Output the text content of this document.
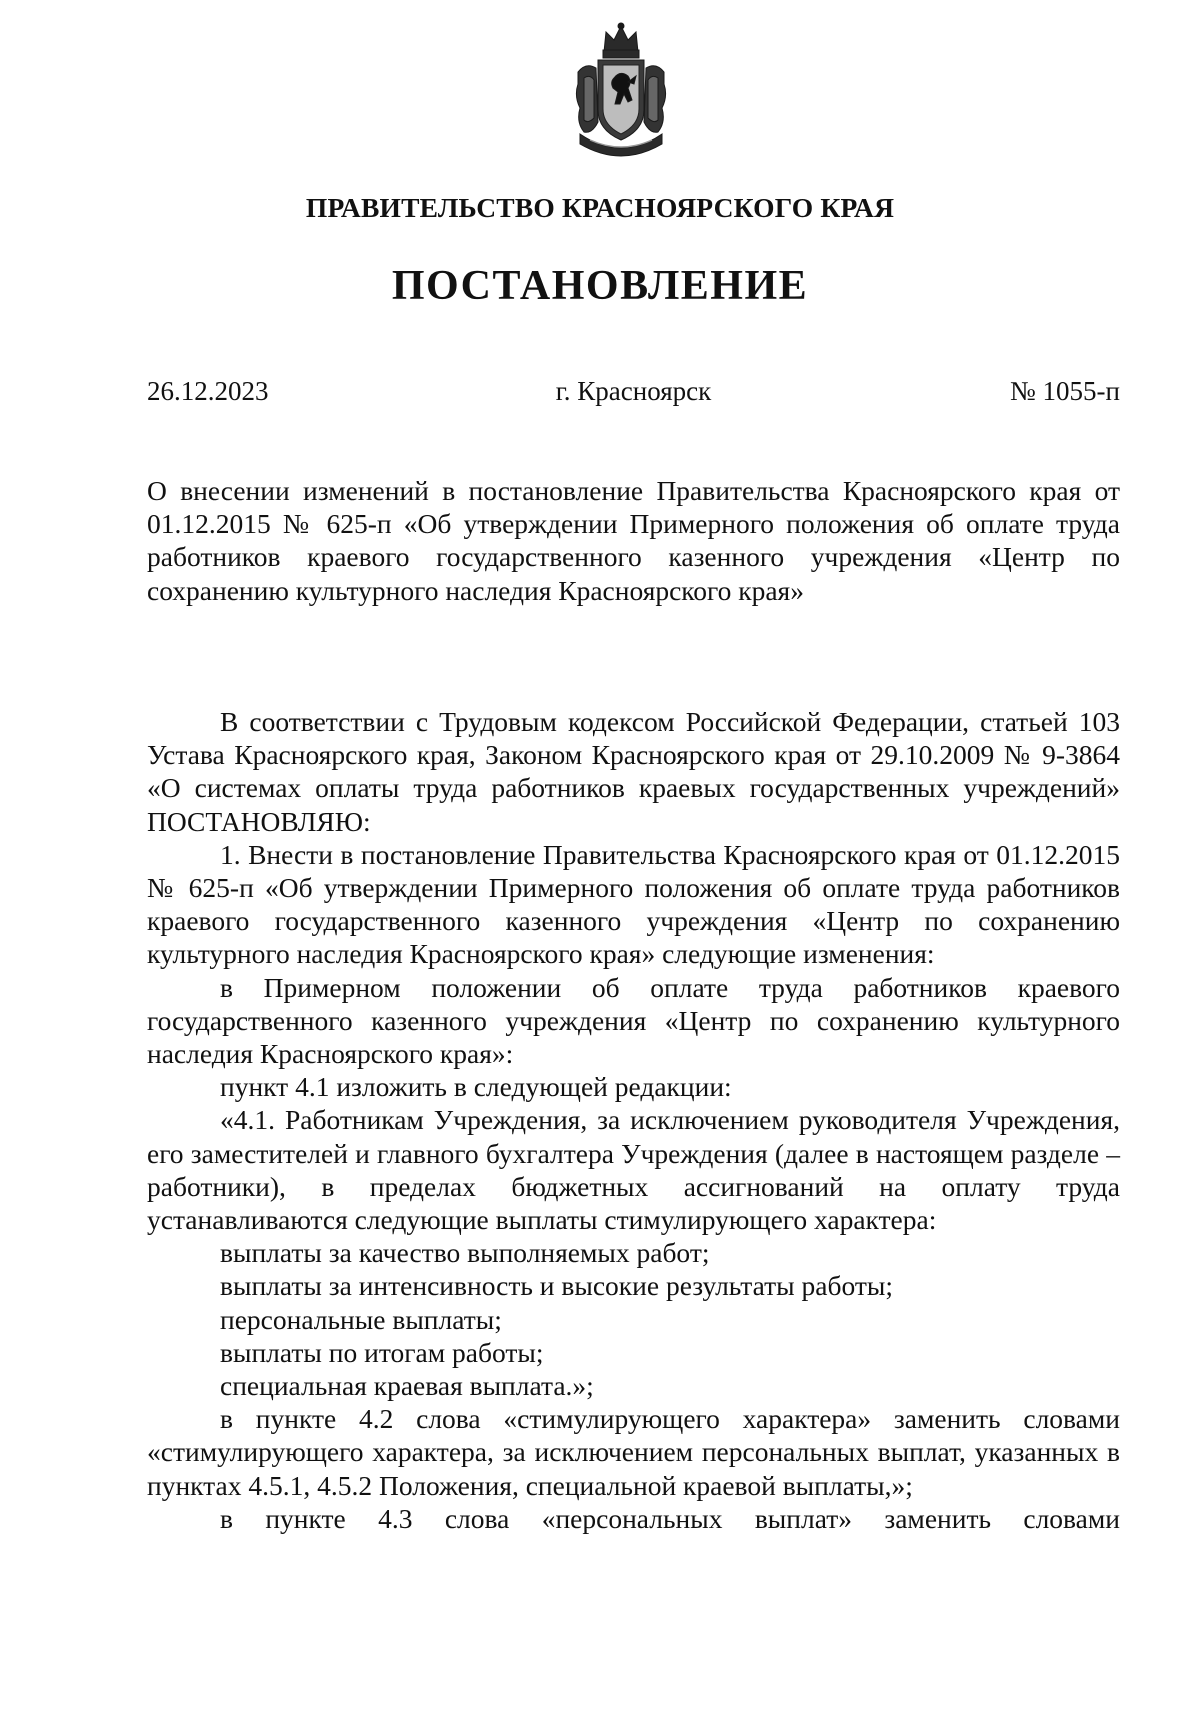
ПРАВИТЕЛЬСТВО КРАСНОЯРСКОГО КРАЯ
ПОСТАНОВЛЕНИЕ
26.12.2023	г. Красноярск	№ 1055-п
О внесении изменений в постановление Правительства Красноярского края от 01.12.2015 № 625-п «Об утверждении Примерного положения об оплате труда работников краевого государственного казенного учреждения «Центр по сохранению культурного наследия Красноярского края»

В соответствии с Трудовым кодексом Российской Федерации, статьей 103 Устава Красноярского края, Законом Красноярского края от 29.10.2009 № 9-3864 «О системах оплаты труда работников краевых государственных учреждений» ПОСТАНОВЛЯЮ:

1. Внести в постановление Правительства Красноярского края от 01.12.2015 № 625-п «Об утверждении Примерного положения об оплате труда работников краевого государственного казенного учреждения «Центр по сохранению культурного наследия Красноярского края» следующие изменения:

в Примерном положении об оплате труда работников краевого государственного казенного учреждения «Центр по сохранению культурного наследия Красноярского края»:

пункт 4.1 изложить в следующей редакции:

«4.1. Работникам Учреждения, за исключением руководителя Учреждения, его заместителей и главного бухгалтера Учреждения (далее в настоящем разделе – работники), в пределах бюджетных ассигнований на оплату труда устанавливаются следующие выплаты стимулирующего характера:

выплаты за качество выполняемых работ;

выплаты за интенсивность и высокие результаты работы;

персональные выплаты;

выплаты по итогам работы;

специальная краевая выплата.»;

в пункте 4.2 слова «стимулирующего характера» заменить словами «стимулирующего характера, за исключением персональных выплат, указанных в пунктах 4.5.1, 4.5.2 Положения, специальной краевой выплаты,»;

в пункте 4.3 слова «персональных выплат» заменить словами
